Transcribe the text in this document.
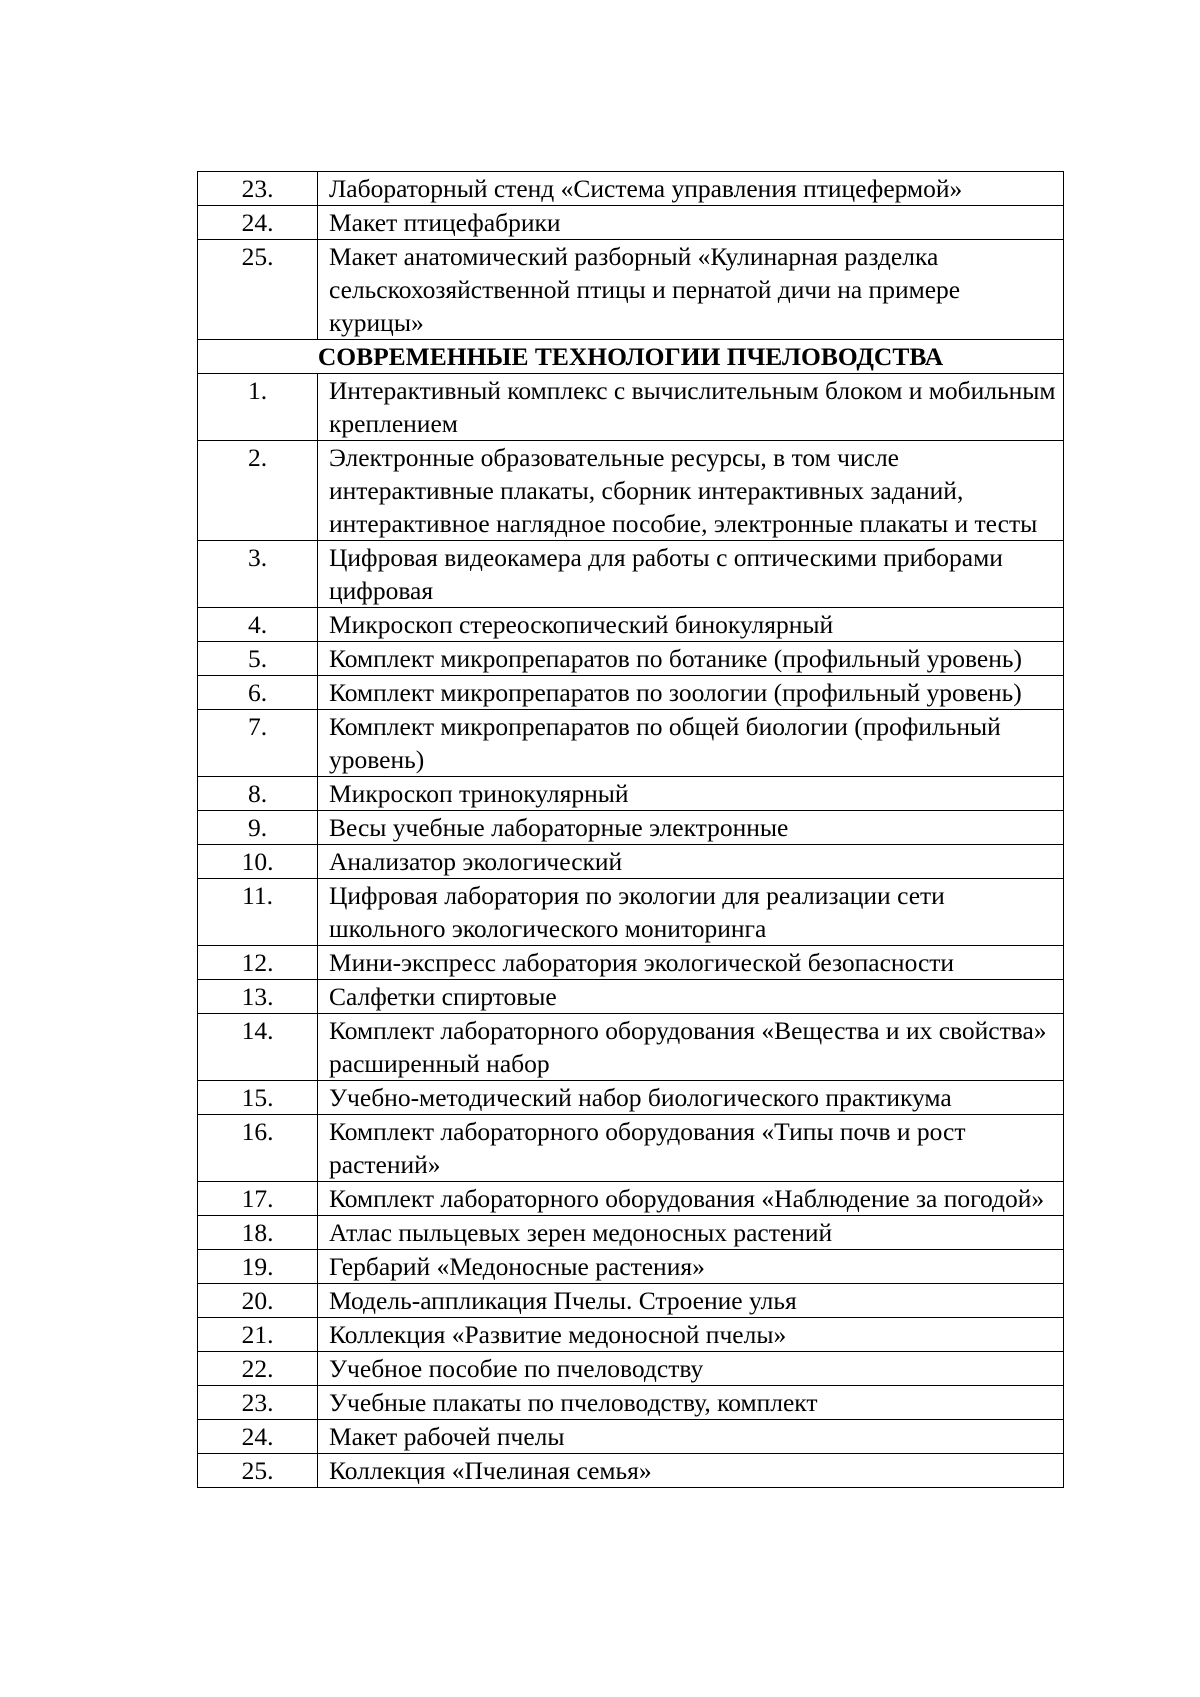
23.	Лабораторный стенд «Система управления птицефермой»
24.	Макет птицефабрики
25.	Макет анатомический разборный «Кулинарная разделка сельскохозяйственной птицы и пернатой дичи на примере курицы»
СОВРЕМЕННЫЕ ТЕХНОЛОГИИ ПЧЕЛОВОДСТВА	
1.	Интерактивный комплекс с вычислительным блоком и мобильным креплением
2.	Электронные образовательные ресурсы, в том числе интерактивные плакаты, сборник интерактивных заданий, интерактивное наглядное пособие, электронные плакаты и тесты
3.	Цифровая видеокамера для работы с оптическими приборами цифровая
4.	Микроскоп стереоскопический бинокулярный
5.	Комплект микропрепаратов по ботанике (профильный уровень)
6.	Комплект микропрепаратов по зоологии (профильный уровень)
7.	Комплект микропрепаратов по общей биологии (профильный уровень)
8.	Микроскоп тринокулярный
9.	Весы учебные лабораторные электронные
10.	Анализатор экологический
11.	Цифровая лаборатория по экологии для реализации сети школьного экологического мониторинга
12.	Мини-экспресс лаборатория экологической безопасности
13.	Салфетки спиртовые
14.	Комплект лабораторного оборудования «Вещества и их свойства» расширенный набор
15.	Учебно-методический набор биологического практикума
16.	Комплект лабораторного оборудования «Типы почв и рост растений»
17.	Комплект лабораторного оборудования «Наблюдение за погодой»
18.	Атлас пыльцевых зерен медоносных растений
19.	Гербарий «Медоносные растения»
20.	Модель-аппликация Пчелы. Строение улья
21.	Коллекция «Развитие медоносной пчелы»
22.	Учебное пособие по пчеловодству
23.	Учебные плакаты по пчеловодству, комплект
24.	Макет рабочей пчелы
25.	Коллекция «Пчелиная семья»
